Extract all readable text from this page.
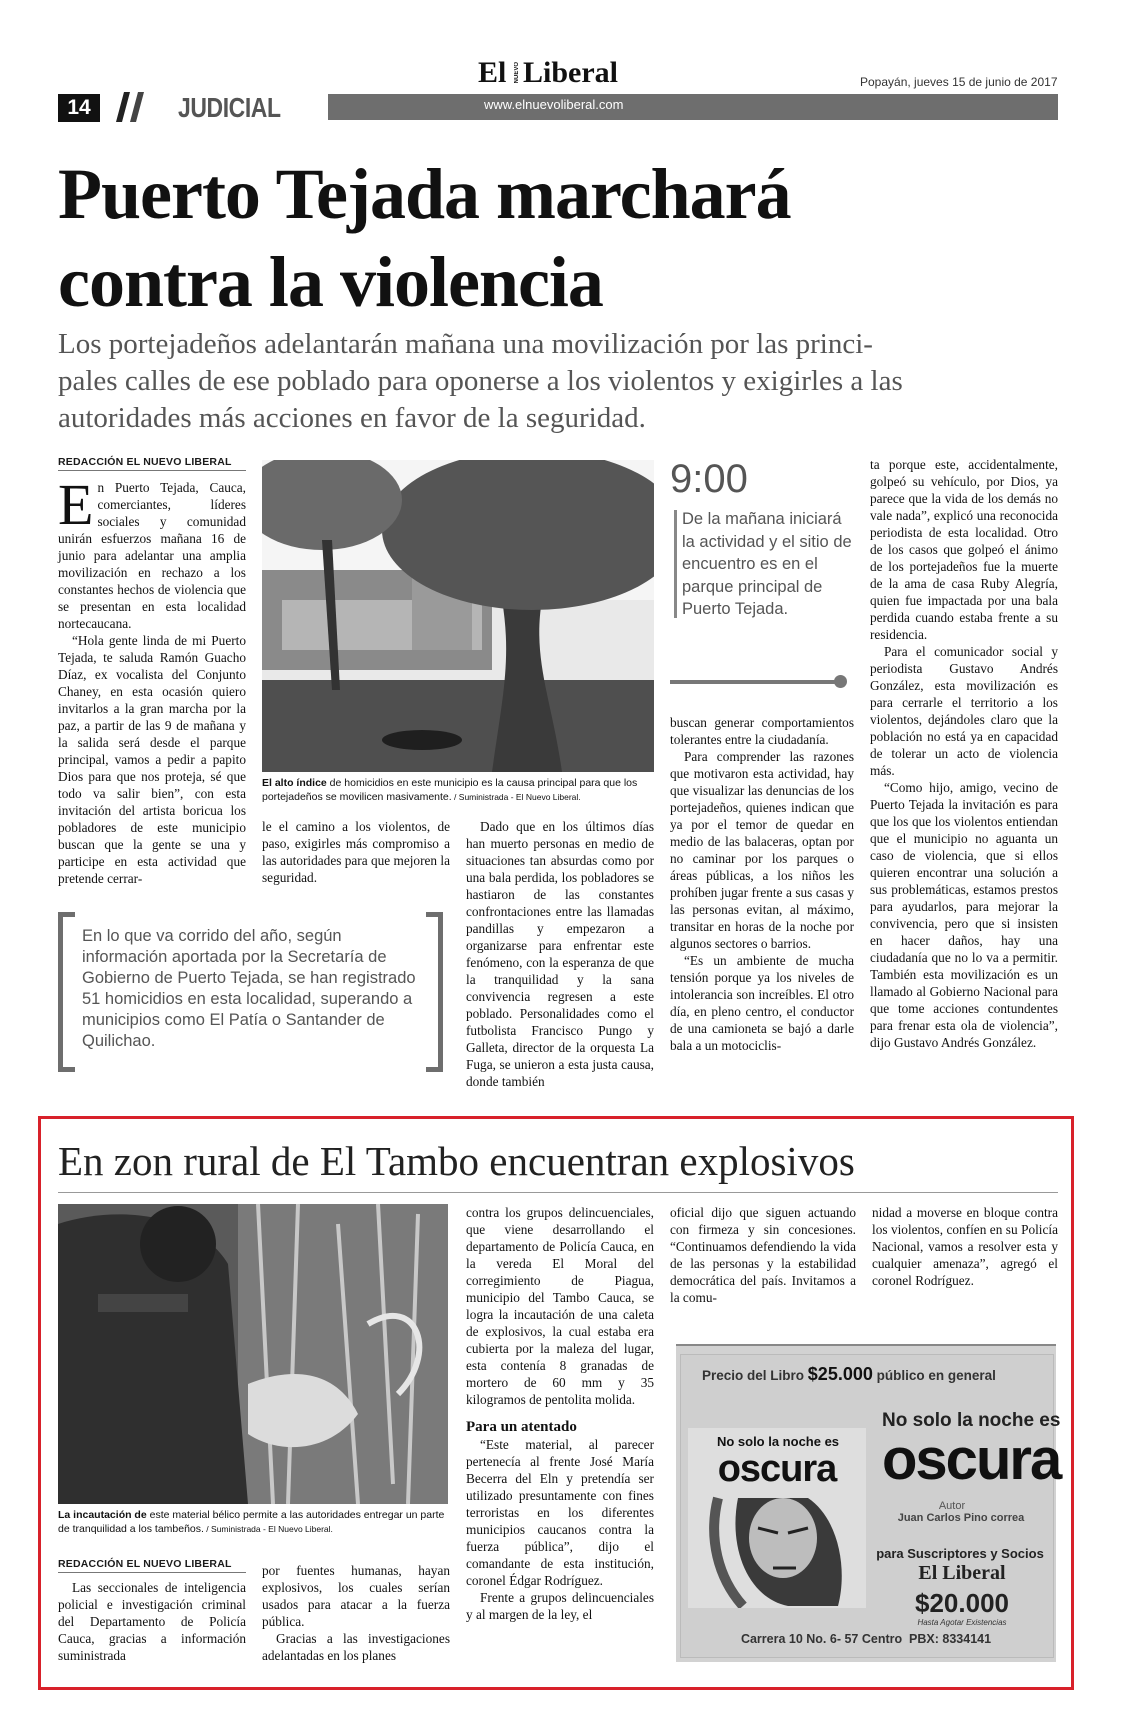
14	JUDICIAL	www.elnuevoliberal.com
El NUEVO Liberal	Popayán, jueves 15 de junio de 2017
Puerto Tejada marchará
contra la violencia
Los portejadeños adelantarán mañana una movilización por las princi-
pales calles de ese poblado para oponerse a los violentos y exigirles a las
autoridades más acciones en favor de la seguridad.
REDACCIÓN EL NUEVO LIBERAL

En Puerto Tejada, Cauca, comerciantes, líderes sociales y comunidad unirán esfuerzos mañana 16 de junio para adelantar una amplia movilización en rechazo a los constantes hechos de violencia que se presentan en esta localidad nortecaucana.

“Hola gente linda de mi Puerto Tejada, te saluda Ramón Guacho Díaz, ex vocalista del Conjunto Chaney, en esta ocasión quiero invitarlos a la gran marcha por la paz, a partir de las 9 de mañana y la salida será desde el parque principal, vamos a pedir a papito Dios para que nos proteja, sé que todo va salir bien”, con esta invitación del artista boricua los pobladores de este municipio buscan que la gente se una y participe en esta actividad que pretende cerrar-

El alto índice de homicidios en este municipio es la causa principal para que los portejadeños se movilicen masivamente. / Suministrada - El Nuevo Liberal.

le el camino a los violentos, de paso, exigirles más compromiso a las autoridades para que mejoren la seguridad.

Dado que en los últimos días han muerto personas en medio de situaciones tan absurdas como por una bala perdida, los pobladores se hastiaron de las constantes confrontaciones entre las llamadas pandillas y empezaron a organizarse para enfrentar este fenómeno, con la esperanza de que la tranquilidad y la sana convivencia regresen a este poblado. Personalidades como el futbolista Francisco Pungo y Galleta, director de la orquesta La Fuga, se unieron a esta justa causa, donde también

9:00
De la mañana iniciará la actividad y el sitio de encuentro es en el parque principal de Puerto Tejada.

buscan generar comportamientos tolerantes entre la ciudadanía.

Para comprender las razones que motivaron esta actividad, hay que visualizar las denuncias de los portejadeños, quienes indican que ya por el temor de quedar en medio de las balaceras, optan por no caminar por los parques o áreas públicas, a los niños les prohíben jugar frente a sus casas y las personas evitan, al máximo, transitar en horas de la noche por algunos sectores o barrios.

“Es un ambiente de mucha tensión porque ya los niveles de intolerancia son increíbles. El otro día, en pleno centro, el conductor de una camioneta se bajó a darle bala a un motociclis-

ta porque este, accidentalmente, golpeó su vehículo, por Dios, ya parece que la vida de los demás no vale nada”, explicó una reconocida periodista de esta localidad. Otro de los casos que golpeó el ánimo de los portejadeños fue la muerte de la ama de casa Ruby Alegría, quien fue impactada por una bala perdida cuando estaba frente a su residencia.

Para el comunicador social y periodista Gustavo Andrés González, esta movilización es para cerrarle el territorio a los violentos, dejándoles claro que la población no está ya en capacidad de tolerar un acto de violencia más.

“Como hijo, amigo, vecino de Puerto Tejada la invitación es para que los que los violentos entiendan que el municipio no aguanta un caso de violencia, que si ellos quieren encontrar una solución a sus problemáticas, estamos prestos para ayudarlos, para mejorar la convivencia, pero que si insisten en hacer daños, hay una ciudadanía que no lo va a permitir. También esta movilización es un llamado al Gobierno Nacional para que tome acciones contundentes para frenar esta ola de violencia”, dijo Gustavo Andrés González.

En lo que va corrido del año, según información aportada por la Secretaría de Gobierno de Puerto Tejada, se han registrado 51 homicidios en esta localidad, superando a municipios como El Patía o Santander de Quilichao.
En zon rural de El Tambo encuentran explosivos
La incautación de este material bélico permite a las autoridades entregar un parte de tranquilidad a los tambeños. / Suministrada - El Nuevo Liberal.
REDACCIÓN EL NUEVO LIBERAL

Las seccionales de inteligencia policial e investigación criminal del Departamento de Policía Cauca, gracias a información suministrada

por fuentes humanas, hayan explosivos, los cuales serían usados para atacar a la fuerza pública.

Gracias a las investigaciones adelantadas en los planes

contra los grupos delincuenciales, que viene desarrollando el departamento de Policía Cauca, en la vereda El Moral del corregimiento de Piagua, municipio del Tambo Cauca, se logra la incautación de una caleta de explosivos, la cual estaba era cubierta por la maleza del lugar, esta contenía 8 granadas de mortero de 60 mm y 35 kilogramos de pentolita molida.

Para un atentado

“Este material, al parecer pertenecía al frente José María Becerra del Eln y pretendía ser utilizado presuntamente con fines terroristas en los diferentes municipios caucanos contra la fuerza pública”, dijo el comandante de esta institución, coronel Édgar Rodríguez.

Frente a grupos delincuenciales y al margen de la ley, el

oficial dijo que siguen actuando con firmeza y sin concesiones. “Continuamos defendiendo la vida de las personas y la estabilidad democrática del país. Invitamos a la comu-

nidad a moverse en bloque contra los violentos, confíen en su Policía Nacional, vamos a resolver esta y cualquier amenaza”, agregó el coronel Rodríguez.

Precio del Libro $25.000 público en general
No solo la noche es
oscura
No solo la noche es
oscura
Autor
Juan Carlos Pino correa
para Suscriptores y Socios
El Liberal
$20.000
Hasta Agotar Existencias
Carrera 10 No. 6- 57 Centro  PBX: 8334141
